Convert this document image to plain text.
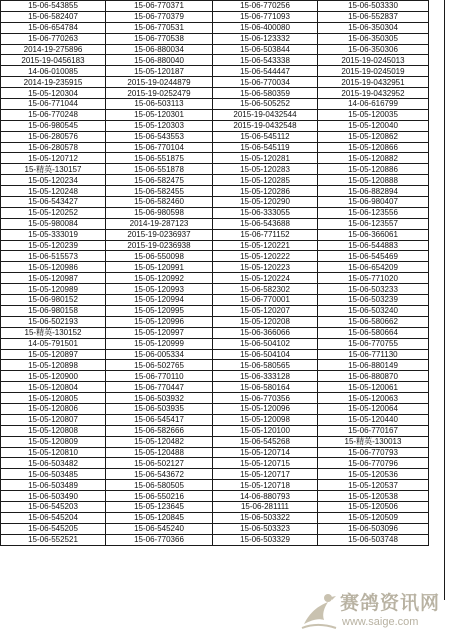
15-06-543855	15-06-770371	15-06-770256	15-06-503330
15-06-582407	15-06-770379	15-06-771093	15-06-552837
15-06-654784	15-06-770531	15-06-400080	15-06-350304
15-06-770263	15-06-770538	15-06-123332	15-06-350305
2014-19-275896	15-06-880034	15-06-503844	15-06-350306
2015-19-0456183	15-06-880040	15-06-543338	2015-19-0245013
14-06-010085	15-05-120187	15-06-544447	2015-19-0245019
2014-19-235915	2015-19-0244879	15-06-770034	2015-19-0432951
15-05-120304	2015-19-0252479	15-06-580359	2015-19-0432952
15-06-771044	15-06-503113	15-06-505252	14-06-616799
15-06-770248	15-05-120301	2015-19-0432544	15-05-120035
15-06-980545	15-05-120303	2015-19-0432548	15-05-120040
15-06-280576	15-06-543553	15-06-545112	15-05-120862
15-06-280578	15-06-770104	15-06-545119	15-05-120866
15-05-120712	15-06-551875	15-05-120281	15-05-120882
15-精英-130157	15-06-551878	15-05-120283	15-05-120886
15-05-120234	15-06-582475	15-05-120285	15-05-120888
15-05-120248	15-06-582455	15-05-120286	15-06-882894
15-06-543427	15-06-582460	15-05-120290	15-06-980407
15-05-120252	15-06-980598	15-06-333055	15-06-123556
15-05-980084	2014-19-287123	15-06-543688	15-06-123557
15-05-333019	2015-19-0236937	15-06-771152	15-06-366061
15-05-120239	2015-19-0236938	15-05-120221	15-06-544883
15-06-515573	15-06-550098	15-05-120222	15-06-545469
15-05-120986	15-05-120991	15-05-120223	15-06-654209
15-05-120987	15-05-120992	15-05-120224	15-05-771020
15-05-120989	15-05-120993	15-06-582302	15-06-503233
15-06-980152	15-05-120994	15-06-770001	15-06-503239
15-06-980158	15-05-120995	15-05-120207	15-06-503240
15-06-502193	15-05-120996	15-05-120208	15-06-580662
15-精英-130152	15-05-120997	15-06-366066	15-06-580664
14-05-791501	15-05-120999	15-06-504102	15-06-770755
15-05-120897	15-06-005334	15-06-504104	15-06-771130
15-05-120898	15-06-502765	15-06-580565	15-06-880149
15-05-120900	15-06-770110	15-06-333128	15-06-880870
15-05-120804	15-06-770447	15-06-580164	15-05-120061
15-05-120805	15-06-503932	15-06-770356	15-05-120063
15-05-120806	15-06-503935	15-05-120096	15-05-120064
15-05-120807	15-06-545417	15-05-120098	15-05-120440
15-05-120808	15-06-582666	15-05-120100	15-06-770167
15-05-120809	15-05-120482	15-06-545268	15-精英-130013
15-05-120810	15-05-120488	15-05-120714	15-06-770793
15-06-503482	15-06-502127	15-05-120715	15-06-770796
15-06-503485	15-06-543672	15-05-120717	15-05-120536
15-06-503489	15-06-580505	15-05-120718	15-05-120537
15-06-503490	15-06-550216	14-06-880793	15-05-120538
15-06-545203	15-05-123645	15-06-281111	15-05-120506
15-06-545204	15-05-120845	15-06-503322	15-05-120509
15-06-545205	15-06-545240	15-06-503323	15-06-503096
15-06-552521	15-06-770366	15-06-503329	15-06-503748
赛鸽资讯网
www.saige.com
